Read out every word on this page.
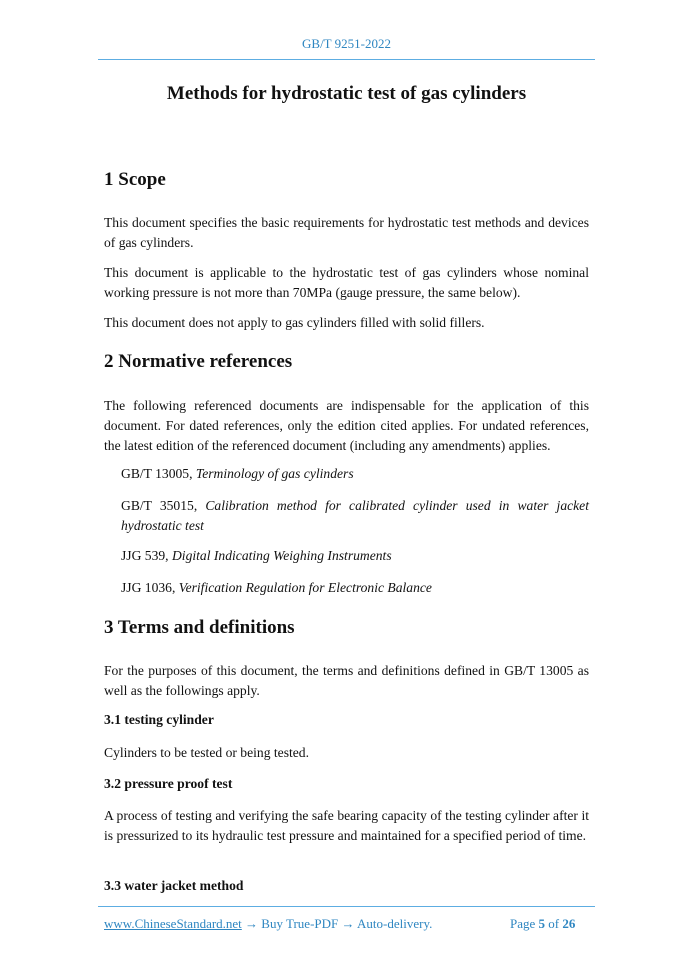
GB/T 9251-2022
Methods for hydrostatic test of gas cylinders
1 Scope
This document specifies the basic requirements for hydrostatic test methods and devices of gas cylinders.
This document is applicable to the hydrostatic test of gas cylinders whose nominal working pressure is not more than 70MPa (gauge pressure, the same below).
This document does not apply to gas cylinders filled with solid fillers.
2 Normative references
The following referenced documents are indispensable for the application of this document. For dated references, only the edition cited applies. For undated references, the latest edition of the referenced document (including any amendments) applies.
GB/T 13005, Terminology of gas cylinders
GB/T 35015, Calibration method for calibrated cylinder used in water jacket hydrostatic test
JJG 539, Digital Indicating Weighing Instruments
JJG 1036, Verification Regulation for Electronic Balance
3 Terms and definitions
For the purposes of this document, the terms and definitions defined in GB/T 13005 as well as the followings apply.
3.1 testing cylinder
Cylinders to be tested or being tested.
3.2 pressure proof test
A process of testing and verifying the safe bearing capacity of the testing cylinder after it is pressurized to its hydraulic test pressure and maintained for a specified period of time.
3.3 water jacket method
www.ChineseStandard.net → Buy True-PDF → Auto-delivery.	Page 5 of 26
